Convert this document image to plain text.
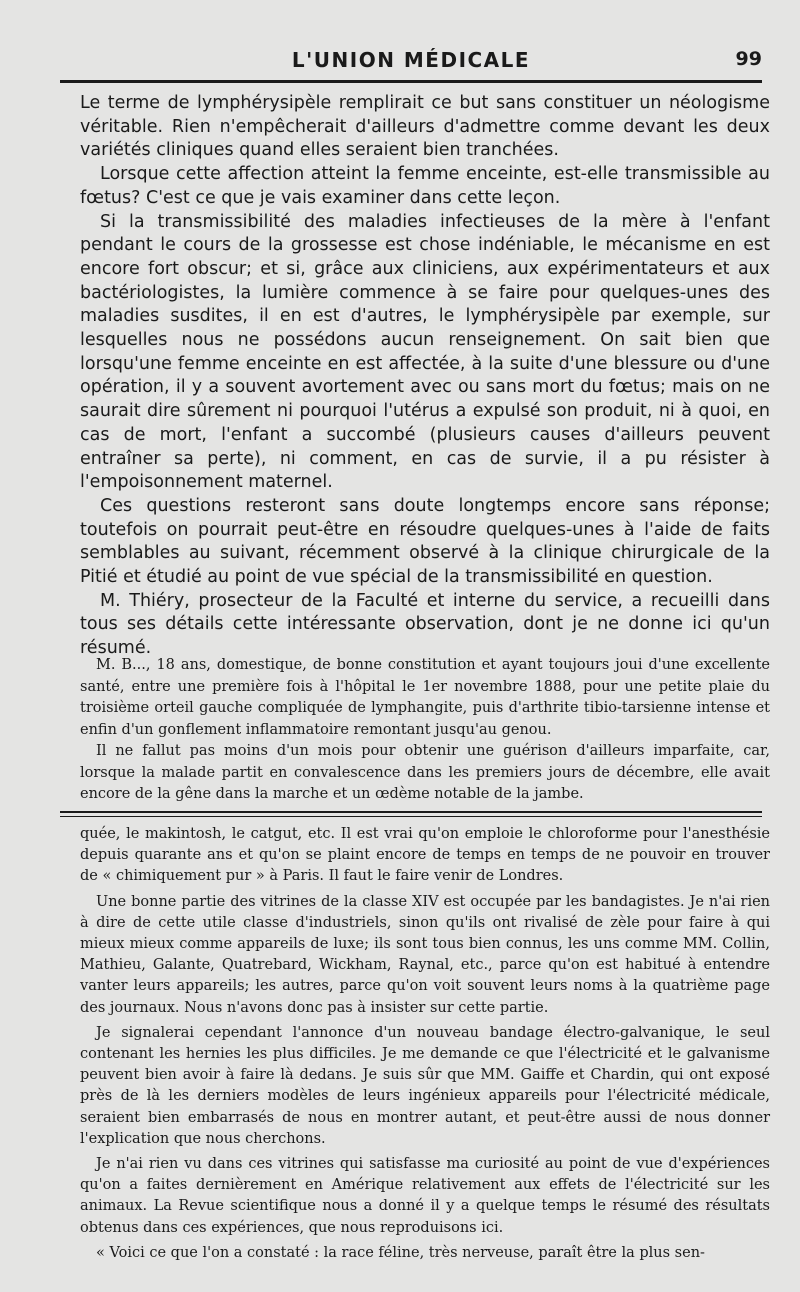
L'UNION MÉDICALE	99

Le terme de lymphérysipèle remplirait ce but sans constituer un néologisme véritable. Rien n'empêcherait d'ailleurs d'admettre comme devant les deux variétés cliniques quand elles seraient bien tranchées.

Lorsque cette affection atteint la femme enceinte, est-elle transmissible au fœtus? C'est ce que je vais examiner dans cette leçon.

Si la transmissibilité des maladies infectieuses de la mère à l'enfant pendant le cours de la grossesse est chose indéniable, le mécanisme en est encore fort obscur; et si, grâce aux cliniciens, aux expérimentateurs et aux bactériologistes, la lumière commence à se faire pour quelques-unes des maladies susdites, il en est d'autres, le lymphérysipèle par exemple, sur lesquelles nous ne possédons aucun renseignement. On sait bien que lorsqu'une femme enceinte en est affectée, à la suite d'une blessure ou d'une opération, il y a souvent avortement avec ou sans mort du fœtus; mais on ne saurait dire sûrement ni pourquoi l'utérus a expulsé son produit, ni à quoi, en cas de mort, l'enfant a succombé (plusieurs causes d'ailleurs peuvent entraîner sa perte), ni comment, en cas de survie, il a pu résister à l'empoisonnement maternel.

Ces questions resteront sans doute longtemps encore sans réponse; toutefois on pourrait peut-être en résoudre quelques-unes à l'aide de faits semblables au suivant, récemment observé à la clinique chirurgicale de la Pitié et étudié au point de vue spécial de la transmissibilité en question.

M. Thiéry, prosecteur de la Faculté et interne du service, a recueilli dans tous ses détails cette intéressante observation, dont je ne donne ici qu'un résumé.

M. B..., 18 ans, domestique, de bonne constitution et ayant toujours joui d'une excellente santé, entre une première fois à l'hôpital le 1er novembre 1888, pour une petite plaie du troisième orteil gauche compliquée de lymphangite, puis d'arthrite tibio-tarsienne intense et enfin d'un gonflement inflammatoire remontant jusqu'au genou.

Il ne fallut pas moins d'un mois pour obtenir une guérison d'ailleurs imparfaite, car, lorsque la malade partit en convalescence dans les premiers jours de décembre, elle avait encore de la gêne dans la marche et un œdème notable de la jambe.

quée, le makintosh, le catgut, etc. Il est vrai qu'on emploie le chloroforme pour l'anesthésie depuis quarante ans et qu'on se plaint encore de temps en temps de ne pouvoir en trouver de « chimiquement pur » à Paris. Il faut le faire venir de Londres.

Une bonne partie des vitrines de la classe XIV est occupée par les bandagistes. Je n'ai rien à dire de cette utile classe d'industriels, sinon qu'ils ont rivalisé de zèle pour faire à qui mieux mieux comme appareils de luxe; ils sont tous bien connus, les uns comme MM. Collin, Mathieu, Galante, Quatrebard, Wickham, Raynal, etc., parce qu'on est habitué à entendre vanter leurs appareils; les autres, parce qu'on voit souvent leurs noms à la quatrième page des journaux. Nous n'avons donc pas à insister sur cette partie.

Je signalerai cependant l'annonce d'un nouveau bandage électro-galvanique, le seul contenant les hernies les plus difficiles. Je me demande ce que l'électricité et le galvanisme peuvent bien avoir à faire là dedans. Je suis sûr que MM. Gaiffe et Chardin, qui ont exposé près de là les derniers modèles de leurs ingénieux appareils pour l'électricité médicale, seraient bien embarrasés de nous en montrer autant, et peut-être aussi de nous donner l'explication que nous cherchons.

Je n'ai rien vu dans ces vitrines qui satisfasse ma curiosité au point de vue d'expériences qu'on a faites dernièrement en Amérique relativement aux effets de l'électricité sur les animaux. La Revue scientifique nous a donné il y a quelque temps le résumé des résultats obtenus dans ces expériences, que nous reproduisons ici.

« Voici ce que l'on a constaté : la race féline, très nerveuse, paraît être la plus sen-
